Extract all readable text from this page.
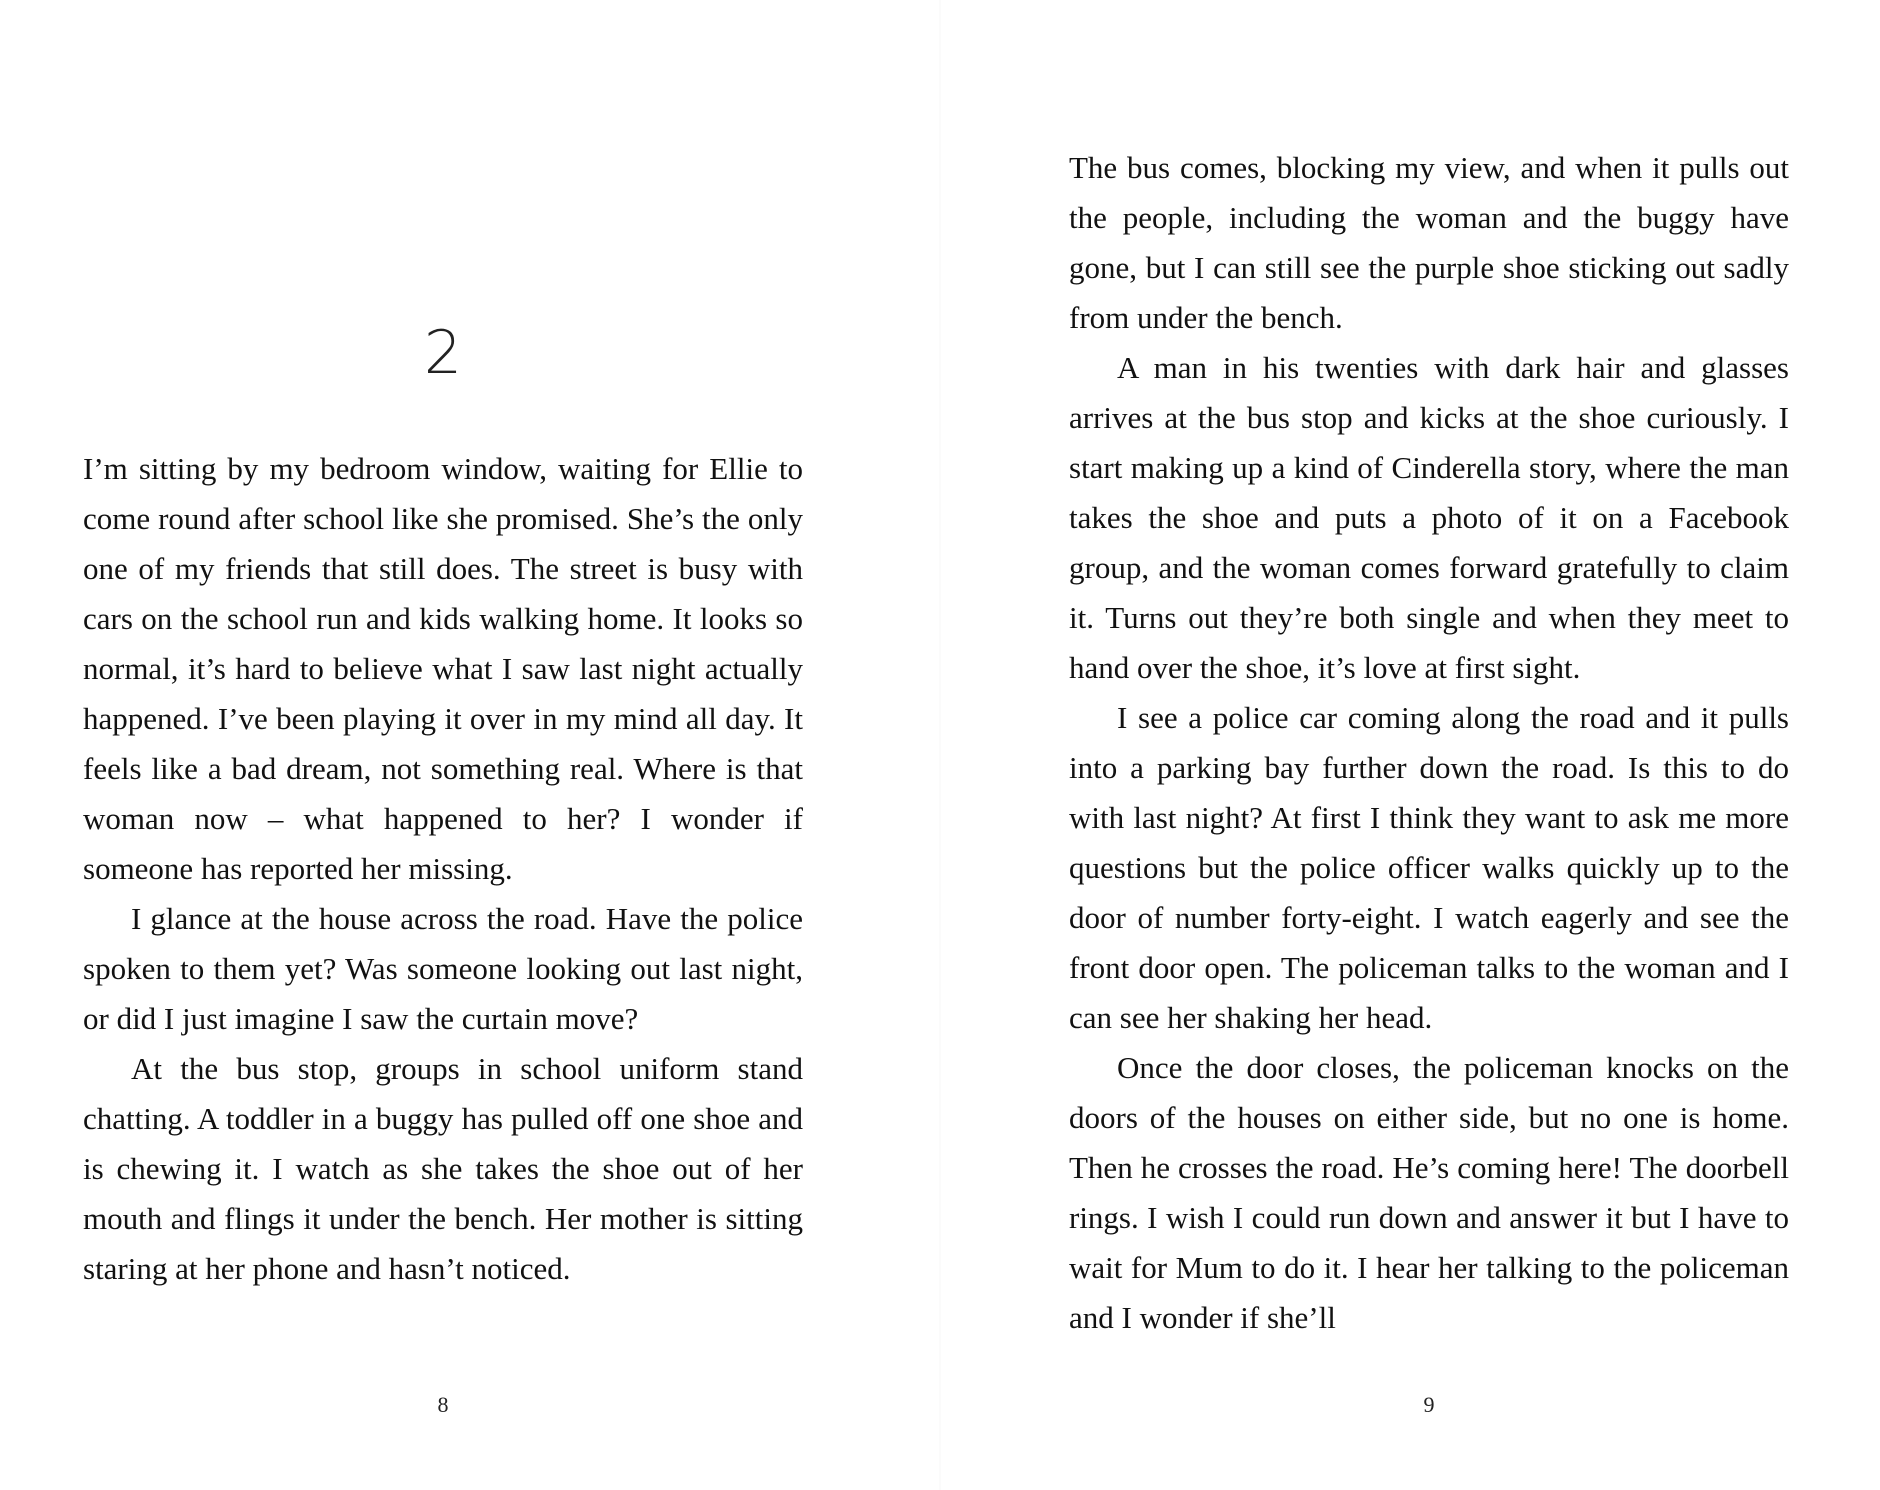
2

I’m sitting by my bedroom window, waiting for Ellie to come round after school like she promised. She’s the only one of my friends that still does. The street is busy with cars on the school run and kids walking home. It looks so normal, it’s hard to believe what I saw last night actually happened. I’ve been playing it over in my mind all day. It feels like a bad dream, not something real. Where is that woman now – what happened to her? I wonder if someone has reported her missing.

I glance at the house across the road. Have the police spoken to them yet? Was someone looking out last night, or did I just imagine I saw the curtain move?

At the bus stop, groups in school uniform stand chatting. A toddler in a buggy has pulled off one shoe and is chewing it. I watch as she takes the shoe out of her mouth and flings it under the bench. Her mother is sitting staring at her phone and hasn’t noticed.

8

The bus comes, blocking my view, and when it pulls out the people, including the woman and the buggy have gone, but I can still see the purple shoe sticking out sadly from under the bench.

A man in his twenties with dark hair and glasses arrives at the bus stop and kicks at the shoe curiously. I start making up a kind of Cinderella story, where the man takes the shoe and puts a photo of it on a Facebook group, and the woman comes forward gratefully to claim it. Turns out they’re both single and when they meet to hand over the shoe, it’s love at first sight.

I see a police car coming along the road and it pulls into a parking bay further down the road. Is this to do with last night? At first I think they want to ask me more questions but the police officer walks quickly up to the door of number forty-eight. I watch eagerly and see the front door open. The policeman talks to the woman and I can see her shaking her head.

Once the door closes, the policeman knocks on the doors of the houses on either side, but no one is home. Then he crosses the road. He’s coming here! The doorbell rings. I wish I could run down and answer it but I have to wait for Mum to do it. I hear her talking to the policeman and I wonder if she’ll

9
